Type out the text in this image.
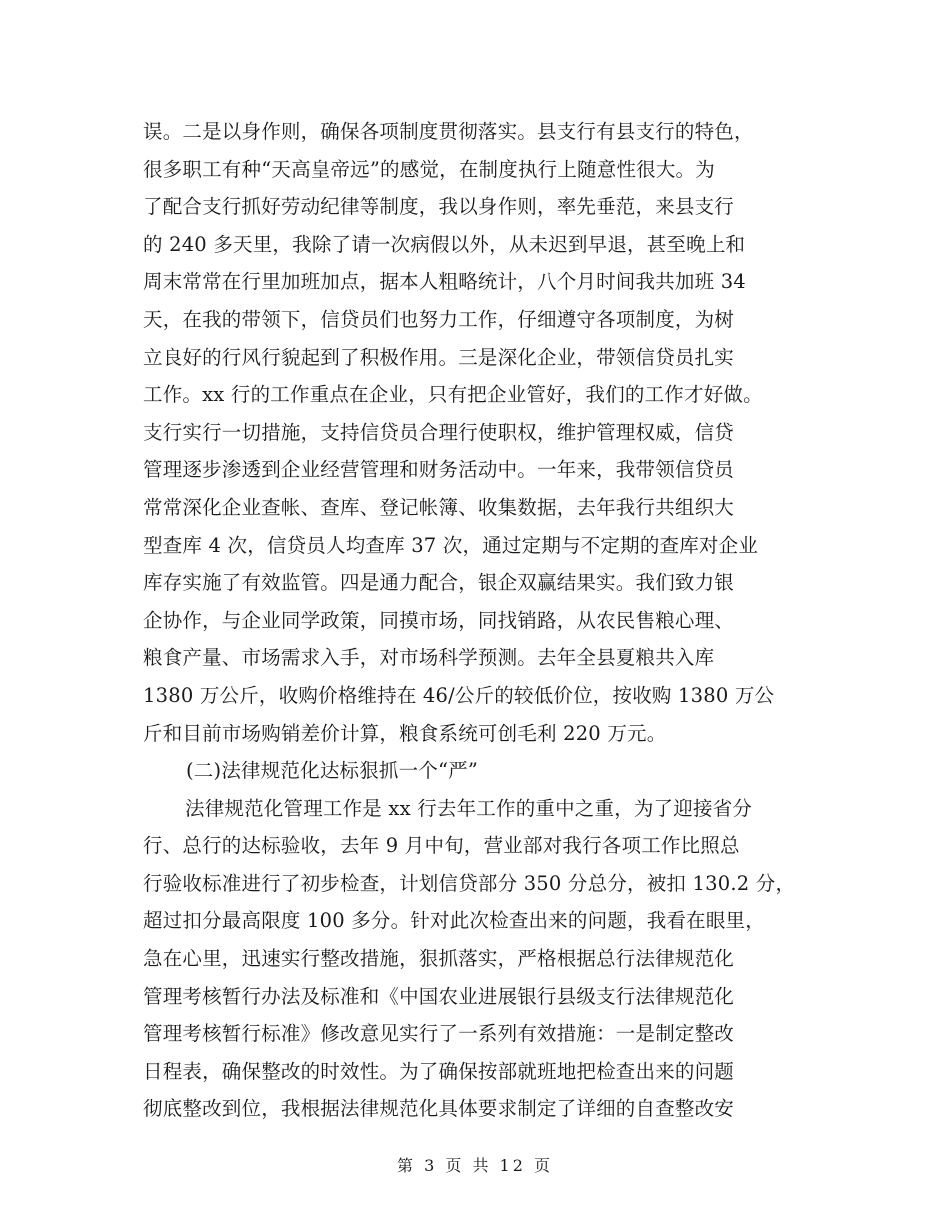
误。二是以身作则，确保各项制度贯彻落实。县支行有县支行的特色，
很多职工有种“天高皇帝远”的感觉，在制度执行上随意性很大。为
了配合支行抓好劳动纪律等制度，我以身作则，率先垂范，来县支行
的 240 多天里，我除了请一次病假以外，从未迟到早退，甚至晚上和
周末常常在行里加班加点，据本人粗略统计，八个月时间我共加班 34
天，在我的带领下，信贷员们也努力工作，仔细遵守各项制度，为树
立良好的行风行貌起到了积极作用。三是深化企业，带领信贷员扎实
工作。xx 行的工作重点在企业，只有把企业管好，我们的工作才好做。
支行实行一切措施，支持信贷员合理行使职权，维护管理权威，信贷
管理逐步渗透到企业经营管理和财务活动中。一年来，我带领信贷员
常常深化企业查帐、查库、登记帐簿、收集数据，去年我行共组织大
型查库 4 次，信贷员人均查库 37 次，通过定期与不定期的查库对企业
库存实施了有效监管。四是通力配合，银企双赢结果实。我们致力银
企协作，与企业同学政策，同摸市场，同找销路，从农民售粮心理、
粮食产量、市场需求入手，对市场科学预测。去年全县夏粮共入库
1380 万公斤，收购价格维持在 46/公斤的较低价位，按收购 1380 万公
斤和目前市场购销差价计算，粮食系统可创毛利 220 万元。
(二)法律规范化达标狠抓一个“严”
法律规范化管理工作是 xx 行去年工作的重中之重，为了迎接省分
行、总行的达标验收，去年 9 月中旬，营业部对我行各项工作比照总
行验收标准进行了初步检查，计划信贷部分 350 分总分，被扣 130.2 分，
超过扣分最高限度 100 多分。针对此次检查出来的问题，我看在眼里，
急在心里，迅速实行整改措施，狠抓落实，严格根据总行法律规范化
管理考核暂行办法及标准和《中国农业进展银行县级支行法律规范化
管理考核暂行标准》修改意见实行了一系列有效措施：一是制定整改
日程表，确保整改的时效性。为了确保按部就班地把检查出来的问题
彻底整改到位，我根据法律规范化具体要求制定了详细的自查整改安
第 3 页 共 12 页
